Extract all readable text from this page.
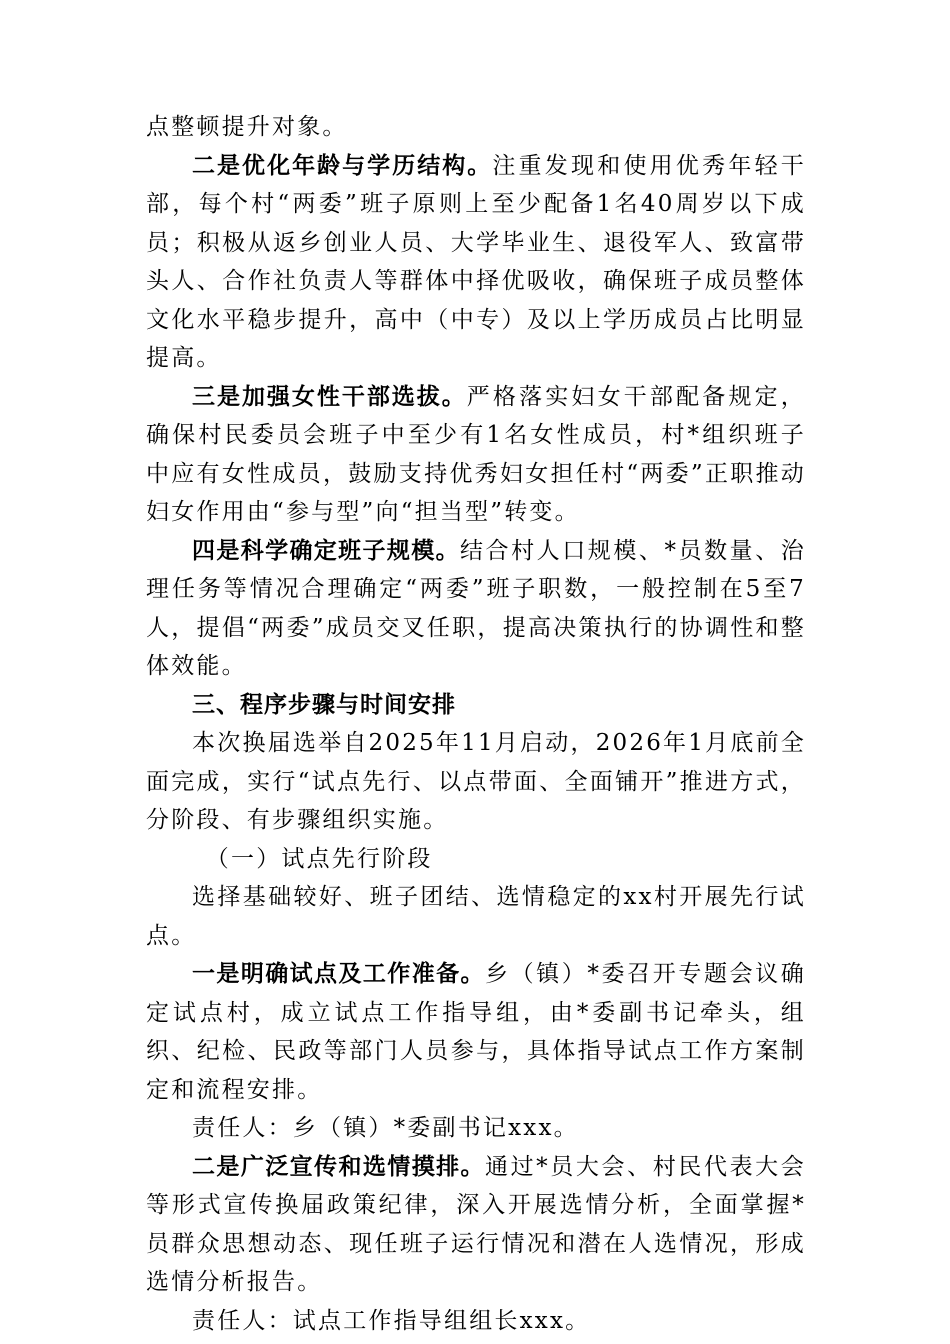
点整顿提升对象。

二是优化年龄与学历结构。注重发现和使用优秀年轻干部，每个村“两委”班子原则上至少配备1名40周岁以下成员；积极从返乡创业人员、大学毕业生、退役军人、致富带头人、合作社负责人等群体中择优吸收，确保班子成员整体文化水平稳步提升，高中（中专）及以上学历成员占比明显提高。

三是加强女性干部选拔。严格落实妇女干部配备规定，确保村民委员会班子中至少有1名女性成员，村*组织班子中应有女性成员，鼓励支持优秀妇女担任村“两委”正职推动妇女作用由“参与型”向“担当型”转变。

四是科学确定班子规模。结合村人口规模、*员数量、治理任务等情况合理确定“两委”班子职数，一般控制在5至7人，提倡“两委”成员交叉任职，提高决策执行的协调性和整体效能。

三、程序步骤与时间安排

本次换届选举自2025年11月启动，2026年1月底前全面完成，实行“试点先行、以点带面、全面铺开”推进方式，分阶段、有步骤组织实施。

（一）试点先行阶段

选择基础较好、班子团结、选情稳定的xx村开展先行试点。

一是明确试点及工作准备。乡（镇）*委召开专题会议确定试点村，成立试点工作指导组，由*委副书记牵头，组织、纪检、民政等部门人员参与，具体指导试点工作方案制定和流程安排。

责任人：乡（镇）*委副书记xxx。

二是广泛宣传和选情摸排。通过*员大会、村民代表大会等形式宣传换届政策纪律，深入开展选情分析，全面掌握*员群众思想动态、现任班子运行情况和潜在人选情况，形成选情分析报告。

责任人：试点工作指导组组长xxx。
